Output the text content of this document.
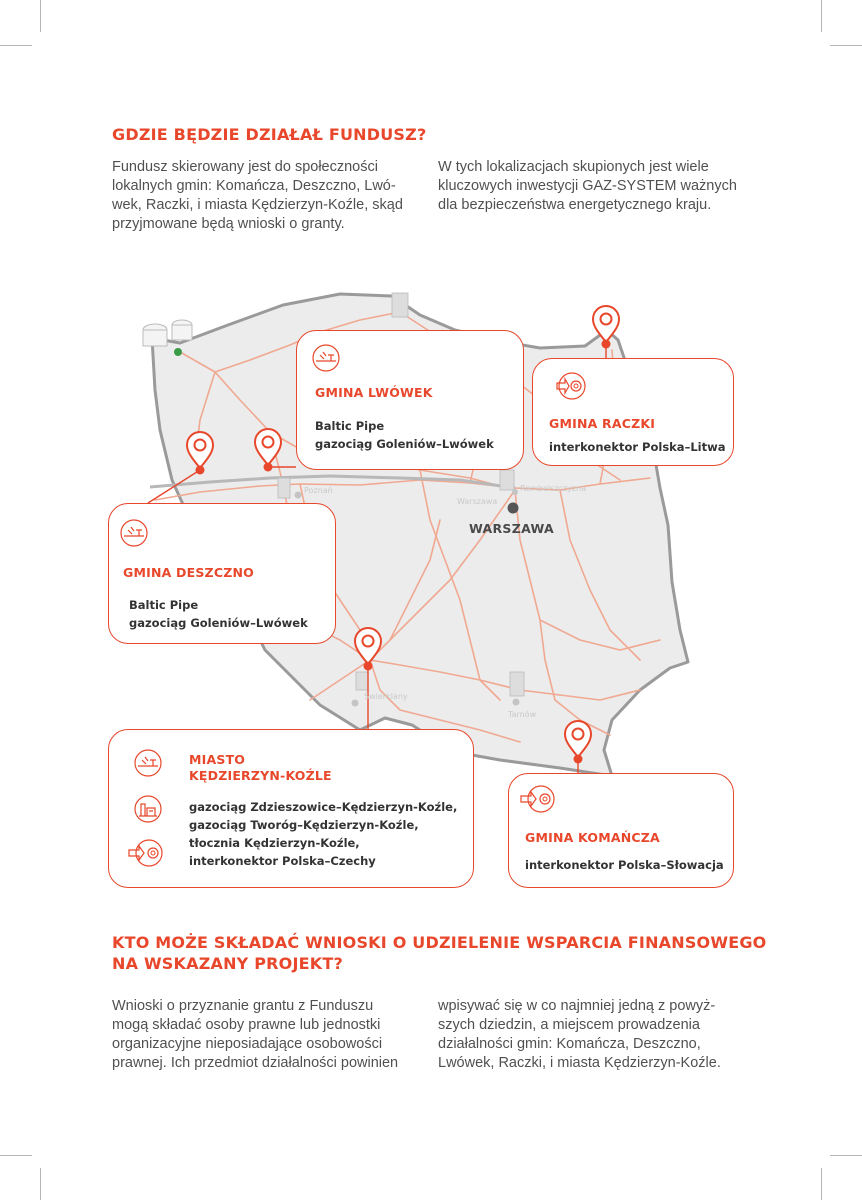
GDZIE BĘDZIE DZIAŁAŁ FUNDUSZ?
Fundusz skierowany jest do społeczności
lokalnych gmin: Komańcza, Deszczno, Lwó-
wek, Raczki, i miasta Kędzierzyn-Koźle, skąd
przyjmowane będą wnioski o granty.
W tych lokalizacjach skupionych jest wiele
kluczowych inwestycji GAZ-SYSTEM ważnych
dla bezpieczeństwa energetycznego kraju.
Poznań
Warszawa
Rembelszczyzna
Świerklany
Tarnów
WARSZAWA
GMINA LWÓWEK
Baltic Pipe
gazociąg Goleniów–Lwówek
GMINA RACZKI
interkonektor Polska–Litwa
GMINA DESZCZNO
Baltic Pipe
gazociąg Goleniów–Lwówek
MIASTO
KĘDZIERZYN-KOŹLE
gazociąg Zdzieszowice–Kędzierzyn-Koźle,
gazociąg Tworóg–Kędzierzyn-Koźle,
tłocznia Kędzierzyn-Koźle,
interkonektor Polska–Czechy
GMINA KOMAŃCZA
interkonektor Polska–Słowacja
KTO MOŻE SKŁADAĆ WNIOSKI O UDZIELENIE WSPARCIA FINANSOWEGO
NA WSKAZANY PROJEKT?
Wnioski o przyznanie grantu z Funduszu
mogą składać osoby prawne lub jednostki
organizacyjne nieposiadające osobowości
prawnej. Ich przedmiot działalności powinien
wpisywać się w co najmniej jedną z powyż-
szych dziedzin, a miejscem prowadzenia
działalności gmin: Komańcza, Deszczno,
Lwówek, Raczki, i miasta Kędzierzyn-Koźle.
